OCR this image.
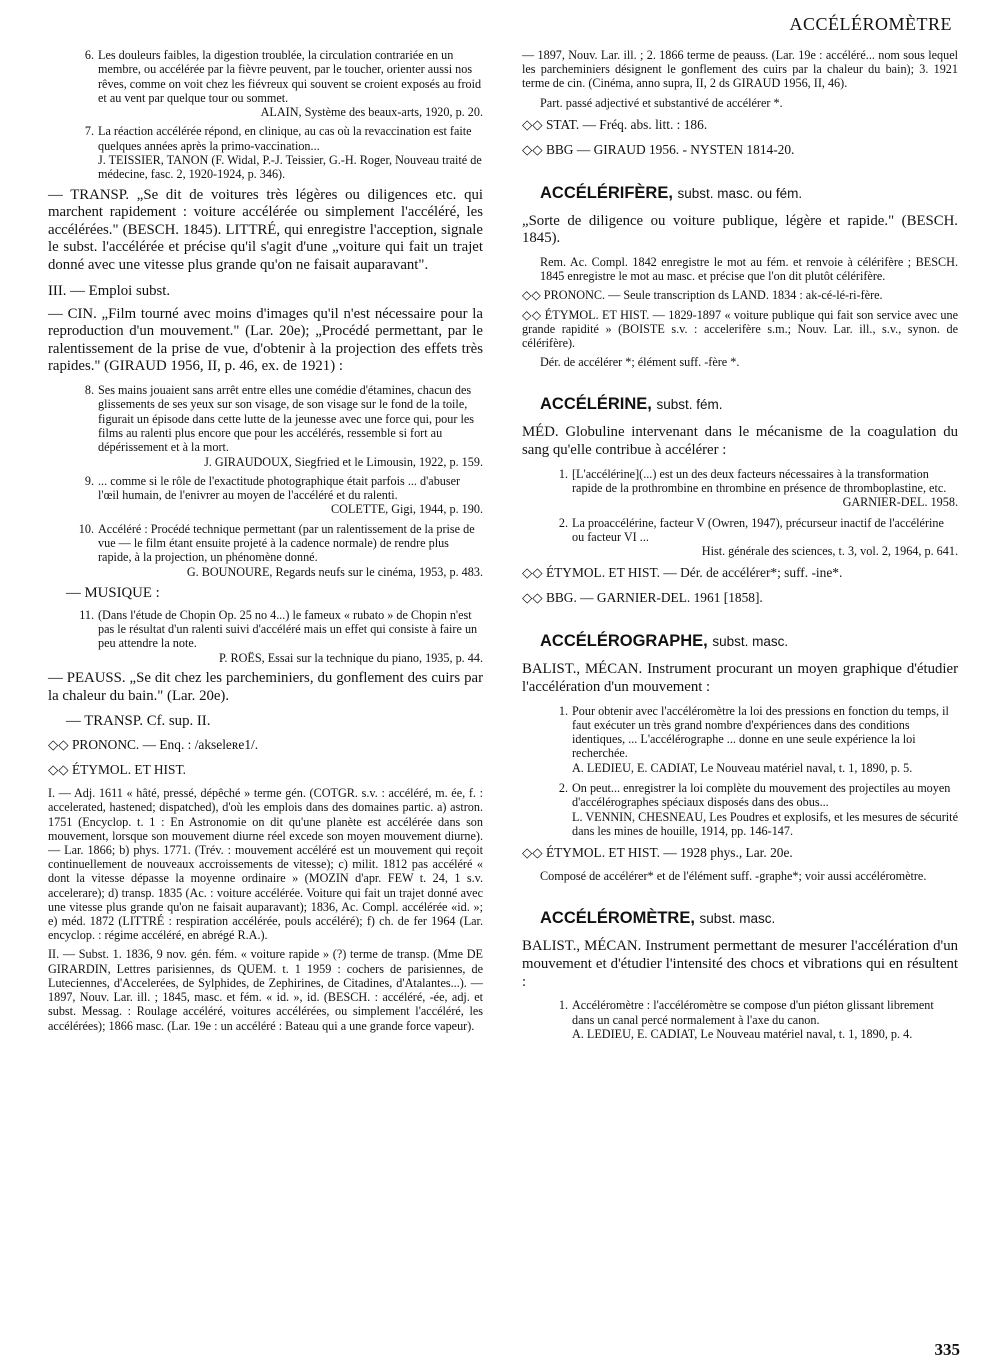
ACCÉLÉROMÈTRE
6. Les douleurs faibles, la digestion troublée, la circulation contrariée en un membre, ou accélérée par la fièvre peuvent, par le toucher, orienter aussi nos rêves, comme on voit chez les fiévreux qui souvent se croient exposés au froid et au vent par quelque tour ou sommet.

ALAIN, Système des beaux-arts, 1920, p. 20.

7. La réaction accélérée répond, en clinique, au cas où la revaccination est faite quelques années après la primo-vaccination...

J. TEISSIER, TANON (F. Widal, P.-J. Teissier, G.-H. Roger, Nouveau traité de médecine, fasc. 2, 1920-1924, p. 346).

— TRANSP. „Se dit de voitures très légères ou diligences etc. qui marchent rapidement : voiture accélérée ou simplement l'accéléré, les accélérées." (BESCH. 1845). LITTRÉ, qui enregistre l'acception, signale le subst. l'accélérée et précise qu'il s'agit d'une „voiture qui fait un trajet donné avec une vitesse plus grande qu'on ne faisait auparavant".

III. — Emploi subst.

— CIN. „Film tourné avec moins d'images qu'il n'est nécessaire pour la reproduction d'un mouvement." (Lar. 20e); „Procédé permettant, par le ralentissement de la prise de vue, d'obtenir à la projection des effets très rapides." (GIRAUD 1956, II, p. 46, ex. de 1921) :

8. Ses mains jouaient sans arrêt entre elles une comédie d'étamines, chacun des glissements de ses yeux sur son visage, de son visage sur le fond de la toile, figurait un épisode dans cette lutte de la jeunesse avec une force qui, pour les films au ralenti plus encore que pour les accélérés, ressemble si fort au dépérissement et à la mort.

J. GIRAUDOUX, Siegfried et le Limousin, 1922, p. 159.

9. ... comme si le rôle de l'exactitude photographique était parfois ... d'abuser l'œil humain, de l'enivrer au moyen de l'accéléré et du ralenti.

COLETTE, Gigi, 1944, p. 190.

10. Accéléré : Procédé technique permettant (par un ralentissement de la prise de vue — le film étant ensuite projeté à la cadence normale) de rendre plus rapide, à la projection, un phénomène donné.

G. BOUNOURE, Regards neufs sur le cinéma, 1953, p. 483.

— MUSIQUE :

11. (Dans l'étude de Chopin Op. 25 no 4...) le fameux « rubato » de Chopin n'est pas le résultat d'un ralenti suivi d'accéléré mais un effet qui consiste à faire un peu attendre la note.

P. ROËS, Essai sur la technique du piano, 1935, p. 44.

— PEAUSS. „Se dit chez les parcheminiers, du gonflement des cuirs par la chaleur du bain." (Lar. 20e).

— TRANSP. Cf. sup. II.

◇◇ PRONONC. — Enq. : /akseleʀe1/.

◇◇ ÉTYMOL. ET HIST.

I. — Adj. 1611 « hâté, pressé, dépêché » terme gén. (COTGR. s.v. : accéléré, m. ée, f. : accelerated, hastened; dispatched), d'où les emplois dans des domaines partic. a) astron. 1751 (Encyclop. t. 1 : En Astronomie on dit qu'une planète est accélérée dans son mouvement, lorsque son mouvement diurne réel excede son moyen mouvement diurne). — Lar. 1866; b) phys. 1771. (Trév. : mouvement accéléré est un mouvement qui reçoit continuellement de nouveaux accroissements de vitesse); c) milit. 1812 pas accéléré « dont la vitesse dépasse la moyenne ordinaire » (MOZIN d'apr. FEW t. 24, 1 s.v. accelerare); d) transp. 1835 (Ac. : voiture accélérée. Voiture qui fait un trajet donné avec une vitesse plus grande qu'on ne faisait auparavant); 1836, Ac. Compl. accélérée «id. »; e) méd. 1872 (LITTRÉ : respiration accélérée, pouls accéléré); f) ch. de fer 1964 (Lar. encyclop. : régime accéléré, en abrégé R.A.).

II. — Subst. 1. 1836, 9 nov. gén. fém. « voiture rapide » (?) terme de transp. (Mme DE GIRARDIN, Lettres parisiennes, ds QUEM. t. 1 1959 : cochers de parisiennes, de Luteciennes, d'Accelerées, de Sylphides, de Zephirines, de Citadines, d'Atalantes...). — 1897, Nouv. Lar. ill. ; 1845, masc. et fém. « id. », id. (BESCH. : accéléré, -ée, adj. et subst. Messag. : Roulage accéléré, voitures accélérées, ou simplement l'accéléré, les accélérées); 1866 masc. (Lar. 19e : un accéléré : Bateau qui a une grande force vapeur).

— 1897, Nouv. Lar. ill. ; 2. 1866 terme de peauss. (Lar. 19e : accéléré... nom sous lequel les parcheminiers désignent le gonflement des cuirs par la chaleur du bain); 3. 1921 terme de cin. (Cinéma, anno supra, II, 2 ds GIRAUD 1956, II, 46).

Part. passé adjectivé et substantivé de accélérer *.

◇◇ STAT. — Fréq. abs. litt. : 186.

◇◇ BBG — GIRAUD 1956. - NYSTEN 1814-20.

ACCÉLÉRIFÈRE, subst. masc. ou fém.

„Sorte de diligence ou voiture publique, légère et rapide." (BESCH. 1845).

Rem. Ac. Compl. 1842 enregistre le mot au fém. et renvoie à célérifère ; BESCH. 1845 enregistre le mot au masc. et précise que l'on dit plutôt célérifère.

◇◇ PRONONC. — Seule transcription ds LAND. 1834 : ak-cé-lé-ri-fère.

◇◇ ÉTYMOL. ET HIST. — 1829-1897 « voiture publique qui fait son service avec une grande rapidité » (BOISTE s.v. : accelerifère s.m.; Nouv. Lar. ill., s.v., synon. de célérifère).

Dér. de accélérer *; élément suff. -fère *.

ACCÉLÉRINE, subst. fém.

MÉD. Globuline intervenant dans le mécanisme de la coagulation du sang qu'elle contribue à accélérer :

1. [L'accélérine](...) est un des deux facteurs nécessaires à la transformation rapide de la prothrombine en thrombine en présence de thromboplastine, etc.

GARNIER-DEL. 1958.

2. La proaccélérine, facteur V (Owren, 1947), précurseur inactif de l'accélérine ou facteur VI ...

Hist. générale des sciences, t. 3, vol. 2, 1964, p. 641.

◇◇ ÉTYMOL. ET HIST. — Dér. de accélérer*; suff. -ine*.

◇◇ BBG. — GARNIER-DEL. 1961 [1858].

ACCÉLÉROGRAPHE, subst. masc.

BALIST., MÉCAN. Instrument procurant un moyen graphique d'étudier l'accélération d'un mouvement :

1. Pour obtenir avec l'accéléromètre la loi des pressions en fonction du temps, il faut exécuter un très grand nombre d'expériences dans des conditions identiques, ... L'accélérographe ... donne en une seule expérience la loi recherchée.

A. LEDIEU, E. CADIAT, Le Nouveau matériel naval, t. 1, 1890, p. 5.

2. On peut... enregistrer la loi complète du mouvement des projectiles au moyen d'accélérographes spéciaux disposés dans des obus...

L. VENNIN, CHESNEAU, Les Poudres et explosifs, et les mesures de sécurité dans les mines de houille, 1914, pp. 146-147.

◇◇ ÉTYMOL. ET HIST. — 1928 phys., Lar. 20e.

Composé de accélérer* et de l'élément suff. -graphe*; voir aussi accéléromètre.

ACCÉLÉROMÈTRE, subst. masc.

BALIST., MÉCAN. Instrument permettant de mesurer l'accélération d'un mouvement et d'étudier l'intensité des chocs et vibrations qui en résultent :

1. Accéléromètre : l'accéléromètre se compose d'un piéton glissant librement dans un canal percé normalement à l'axe du canon.

A. LEDIEU, E. CADIAT, Le Nouveau matériel naval, t. 1, 1890, p. 4.

335
